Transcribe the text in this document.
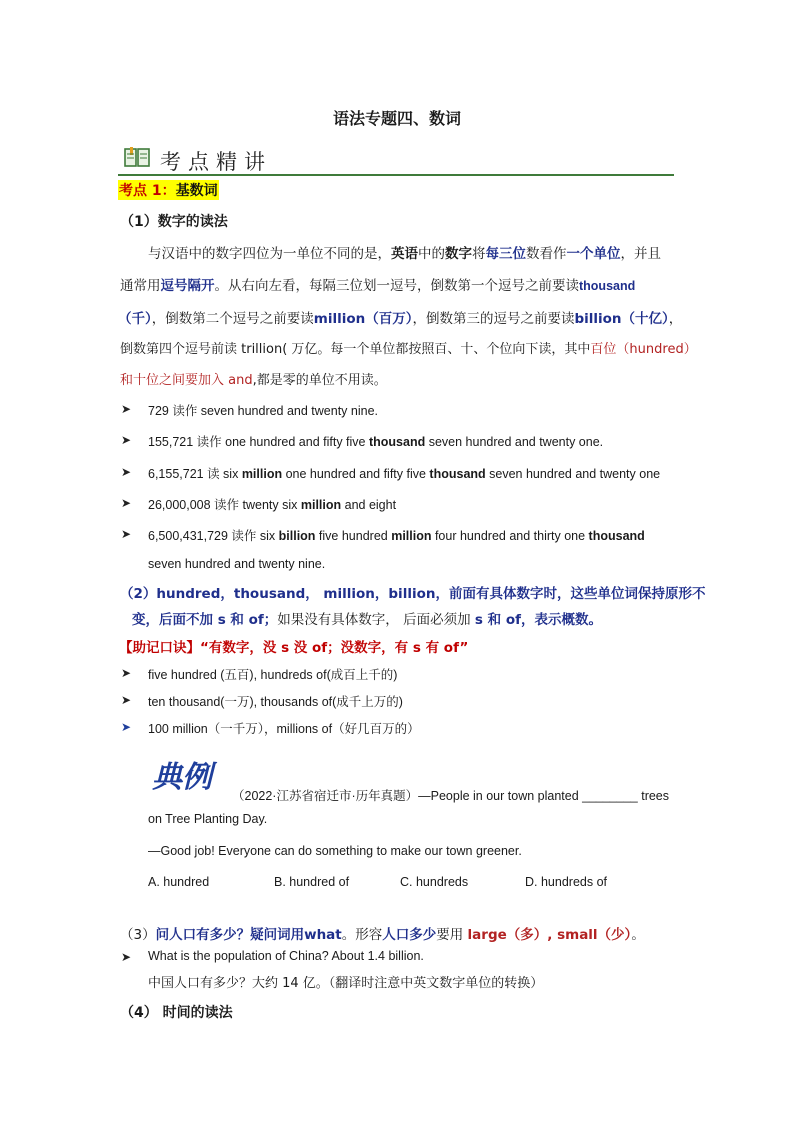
语法专题四、数词
考点精讲
考点 1：基数词
（1）数字的读法
与汉语中的数字四位为一单位不同的是，英语中的数字将每三位数看作一个单位，并且
通常用逗号隔开。从右向左看，每隔三位划一逗号，倒数第一个逗号之前要读thousand
（千），倒数第二个逗号之前要读million（百万），倒数第三的逗号之前要读billion（十亿），
倒数第四个逗号前读 trillion( 万亿。每一个单位都按照百、十、个位向下读，其中百位（hundred）
和十位之间要加入 and,都是零的单位不用读。
➤ 729 读作 seven hundred and twenty nine.
➤ 155,721 读作 one hundred and fifty five thousand seven hundred and twenty one.
➤ 6,155,721 读 six million one hundred and fifty five thousand seven hundred and twenty one
➤ 26,000,008 读作 twenty six million and eight
➤ 6,500,431,729 读作 six billion five hundred million four hundred and thirty one thousand
seven hundred and twenty nine.
（2）hundred，thousand， million，billion，前面有具体数字时，这些单位词保持原形不
变，后面不加 s 和 of；如果没有具体数字， 后面必须加 s 和 of，表示概数。
【助记口诀】“有数字，没 s 没 of；没数字，有 s 有 of”
➤ five hundred (五百), hundreds of(成百上千的)
➤ ten thousand(一万), thousands of(成千上万的)
➤ 100 million（一千万），millions of（好几百万的）
典例
（2022·江苏省宿迁市·历年真题）—People in our town planted ________ trees
on Tree Planting Day.
—Good job! Everyone can do something to make our town greener.
A. hundred	B. hundred of	C. hundreds	D. hundreds of
（3）问人口有多少？疑问词用what。形容人口多少要用 large（多）, small（少）。
➤ What is the population of China? About 1.4 billion.
中国人口有多少？大约 14 亿。（翻译时注意中英文数字单位的转换）
（4） 时间的读法
